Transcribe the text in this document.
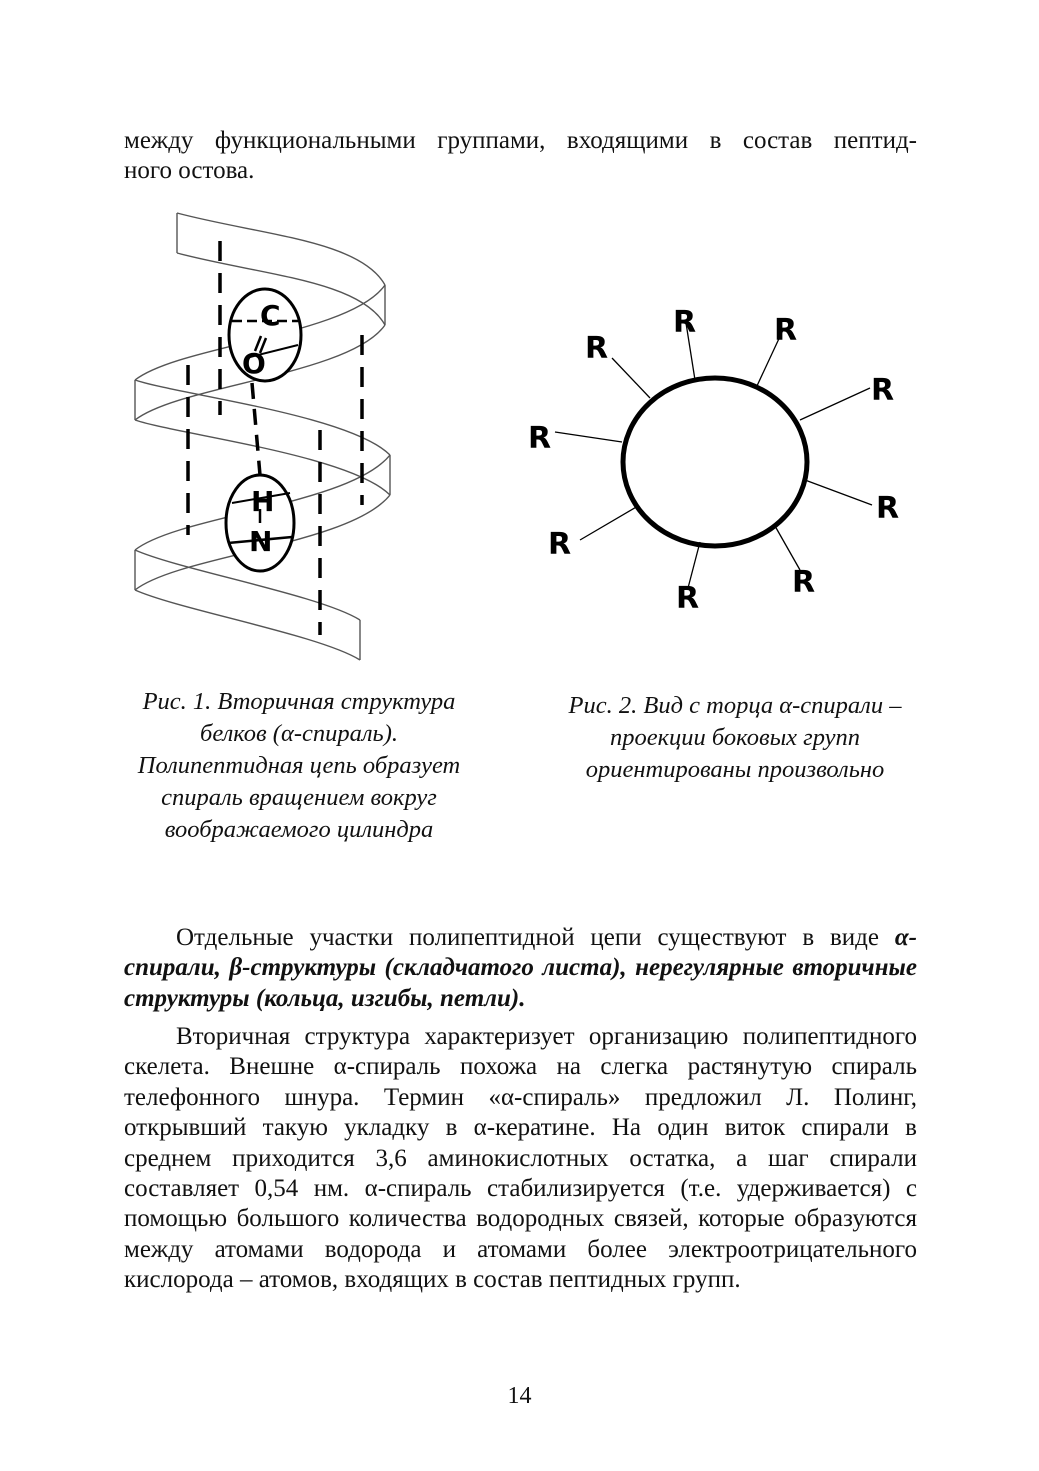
между функциональными группами, входящими в состав пептид-
ного остова.

C
O
H
N
R	R
R
R
R
R
R
R	R

Рис. 1. Вторичная структура белков (α-спираль). Полипептидная цепь образует спираль вращением вокруг воображаемого цилиндра

Рис. 2. Вид с торца α-спирали – проекции боковых групп ориентированы произвольно

Отдельные участки полипептидной цепи существуют в виде α-спирали, β-структуры (складчатого листа), нерегулярные вторичные структуры (кольца, изгибы, петли).

Вторичная структура характеризует организацию полипептидного скелета. Внешне α-спираль похожа на слегка растянутую спираль телефонного шнура. Термин «α-спираль» предложил Л. Полинг, открывший такую укладку в α-кератине. На один виток спирали в среднем приходится 3,6 аминокислотных остатка, а шаг спирали составляет 0,54 нм. α-спираль стабилизируется (т.е. удерживается) с помощью большого количества водородных связей, которые образуются между атомами водорода и атомами более электроотрицательного кислорода – атомов, входящих в состав пептидных групп.

14
